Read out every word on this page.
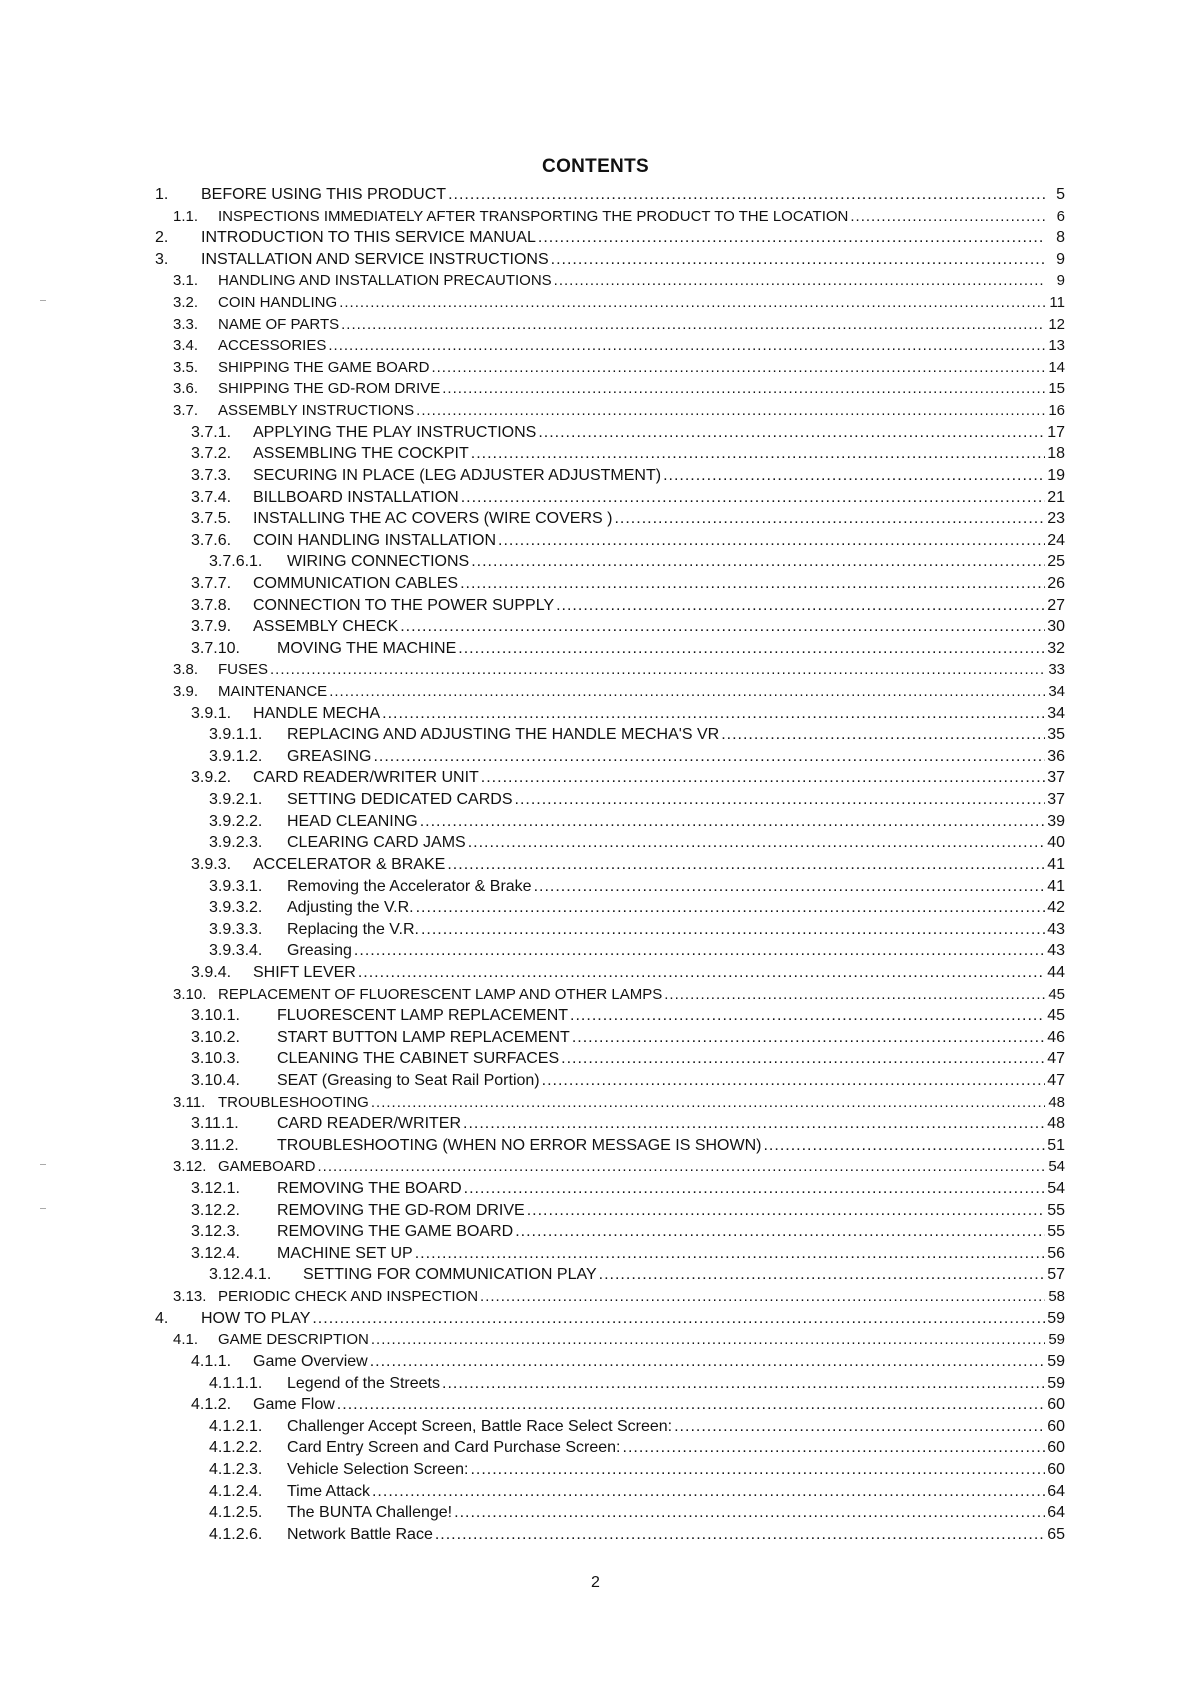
CONTENTS
1.	BEFORE USING THIS PRODUCT .....	5
1.1.	INSPECTIONS IMMEDIATELY AFTER TRANSPORTING THE PRODUCT TO THE LOCATION .....	6
2.	INTRODUCTION TO THIS SERVICE MANUAL .....	8
3.	INSTALLATION AND SERVICE INSTRUCTIONS .....	9
3.1.	HANDLING AND INSTALLATION PRECAUTIONS .....	9
3.2.	COIN HANDLING .....	11
3.3.	NAME OF PARTS .....	12
3.4.	ACCESSORIES .....	13
3.5.	SHIPPING THE GAME BOARD .....	14
3.6.	SHIPPING THE GD-ROM DRIVE .....	15
3.7.	ASSEMBLY INSTRUCTIONS .....	16
3.7.1.	APPLYING THE PLAY INSTRUCTIONS .....	17
3.7.2.	ASSEMBLING THE COCKPIT .....	18
3.7.3.	SECURING IN PLACE (LEG ADJUSTER ADJUSTMENT) .....	19
3.7.4.	BILLBOARD INSTALLATION .....	21
3.7.5.	INSTALLING THE AC COVERS (WIRE COVERS ) .....	23
3.7.6.	COIN HANDLING INSTALLATION .....	24
3.7.6.1.	WIRING CONNECTIONS .....	25
3.7.7.	COMMUNICATION CABLES .....	26
3.7.8.	CONNECTION TO THE POWER SUPPLY .....	27
3.7.9.	ASSEMBLY CHECK .....	30
3.7.10.	MOVING THE MACHINE .....	32
3.8.	FUSES .....	33
3.9.	MAINTENANCE .....	34
3.9.1.	HANDLE MECHA .....	34
3.9.1.1.	REPLACING AND ADJUSTING THE HANDLE MECHA'S VR .....	35
3.9.1.2.	GREASING .....	36
3.9.2.	CARD READER/WRITER UNIT .....	37
3.9.2.1.	SETTING DEDICATED CARDS .....	37
3.9.2.2.	HEAD CLEANING .....	39
3.9.2.3.	CLEARING CARD JAMS .....	40
3.9.3.	ACCELERATOR & BRAKE .....	41
3.9.3.1.	Removing the Accelerator & Brake .....	41
3.9.3.2.	Adjusting the V.R. .....	42
3.9.3.3.	Replacing the V.R. .....	43
3.9.3.4.	Greasing .....	43
3.9.4.	SHIFT LEVER .....	44
3.10. REPLACEMENT OF FLUORESCENT LAMP AND OTHER LAMPS .....	45
3.10.1.	FLUORESCENT LAMP REPLACEMENT .....	45
3.10.2.	START BUTTON LAMP REPLACEMENT .....	46
3.10.3.	CLEANING THE CABINET SURFACES .....	47
3.10.4.	SEAT (Greasing to Seat Rail Portion) .....	47
3.11. TROUBLESHOOTING .....	48
3.11.1.	CARD READER/WRITER .....	48
3.11.2.	TROUBLESHOOTING (WHEN NO ERROR MESSAGE IS SHOWN) .....	51
3.12. GAMEBOARD .....	54
3.12.1.	REMOVING THE BOARD .....	54
3.12.2.	REMOVING THE GD-ROM DRIVE .....	55
3.12.3.	REMOVING THE GAME BOARD .....	55
3.12.4.	MACHINE SET UP .....	56
3.12.4.1.	SETTING FOR COMMUNICATION PLAY .....	57
3.13. PERIODIC CHECK AND INSPECTION .....	58
4.	HOW TO PLAY .....	59
4.1.	GAME DESCRIPTION .....	59
4.1.1.	Game Overview .....	59
4.1.1.1.	Legend of the Streets .....	59
4.1.2.	Game Flow .....	60
4.1.2.1.	Challenger Accept Screen, Battle Race Select Screen: .....	60
4.1.2.2.	Card Entry Screen and Card Purchase Screen: .....	60
4.1.2.3.	Vehicle Selection Screen: .....	60
4.1.2.4.	Time Attack .....	64
4.1.2.5.	The BUNTA Challenge! .....	64
4.1.2.6.	Network Battle Race .....	65
2
